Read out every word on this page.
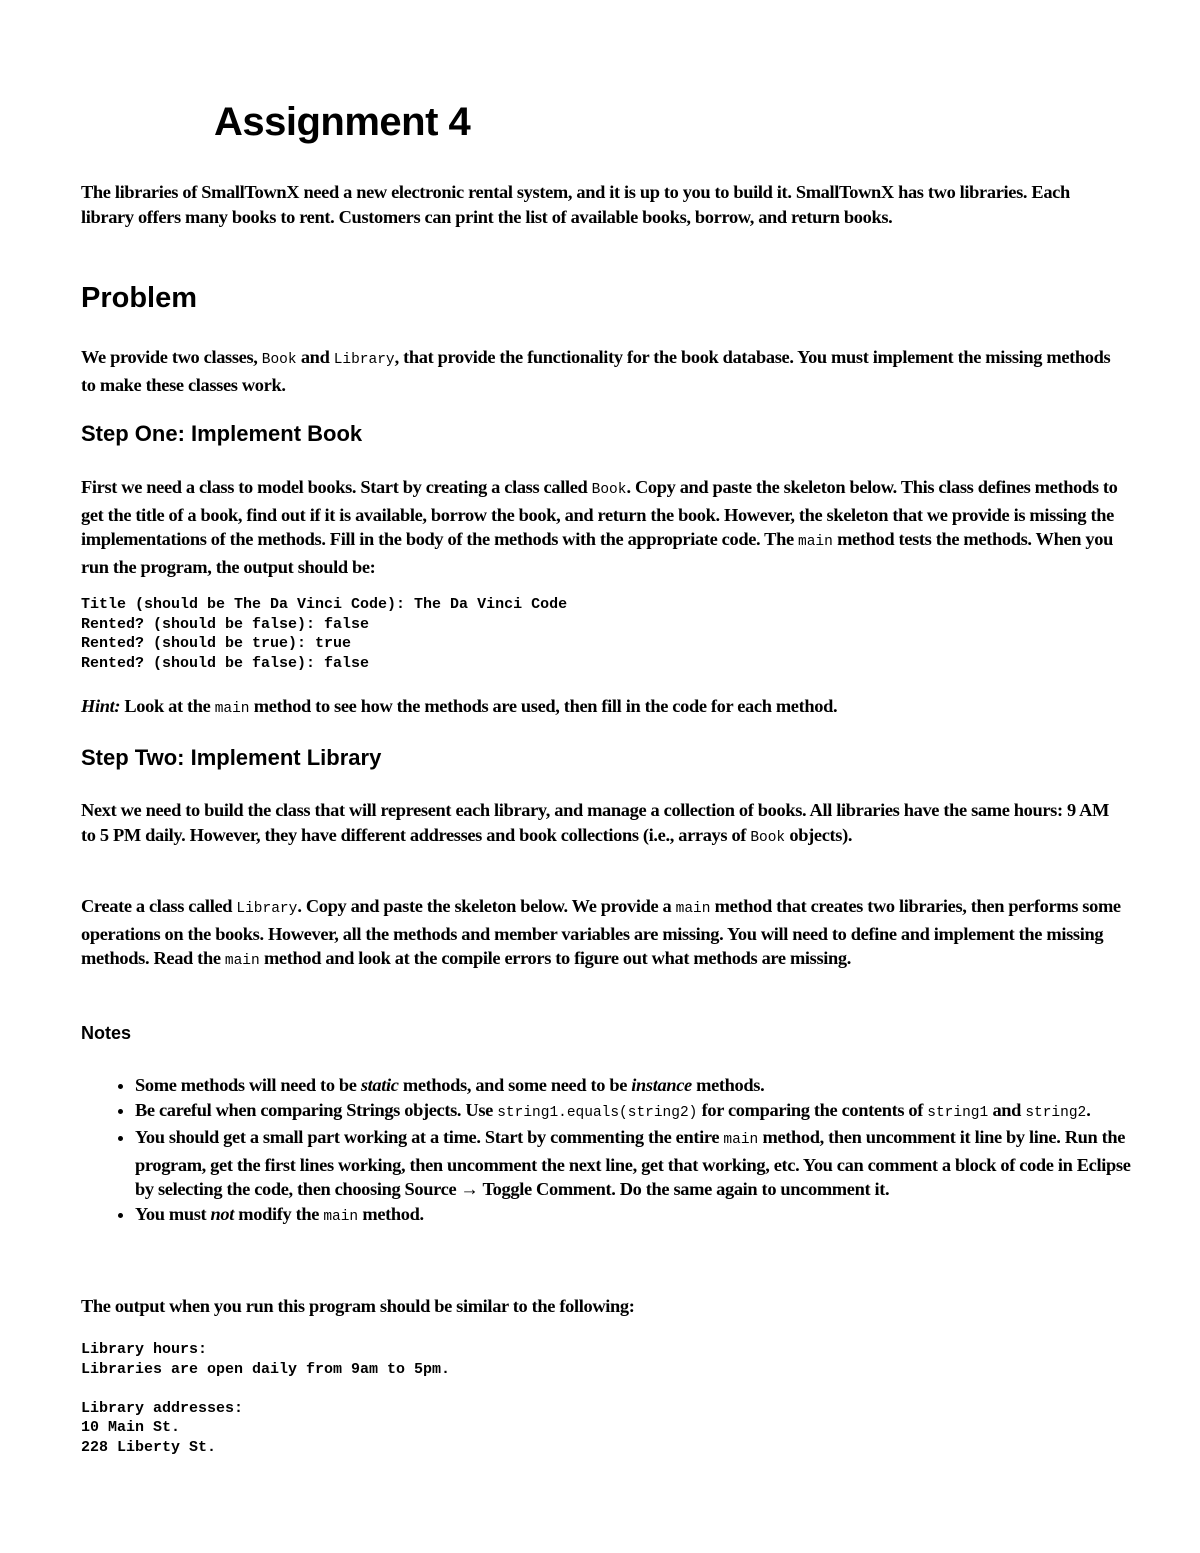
Assignment 4

The libraries of SmallTownX need a new electronic rental system, and it is up to you to build it. SmallTownX has two libraries. Each library offers many books to rent. Customers can print the list of available books, borrow, and return books.

Problem

We provide two classes, Book and Library, that provide the functionality for the book database. You must implement the missing methods to make these classes work.

Step One: Implement Book

First we need a class to model books. Start by creating a class called Book. Copy and paste the skeleton below. This class defines methods to get the title of a book, find out if it is available, borrow the book, and return the book. However, the skeleton that we provide is missing the implementations of the methods. Fill in the body of the methods with the appropriate code. The main method tests the methods. When you run the program, the output should be:

Title (should be The Da Vinci Code): The Da Vinci Code
Rented? (should be false): false
Rented? (should be true): true
Rented? (should be false): false

Hint: Look at the main method to see how the methods are used, then fill in the code for each method.

Step Two: Implement Library

Next we need to build the class that will represent each library, and manage a collection of books. All libraries have the same hours: 9 AM to 5 PM daily. However, they have different addresses and book collections (i.e., arrays of Book objects).

Create a class called Library. Copy and paste the skeleton below. We provide a main method that creates two libraries, then performs some operations on the books. However, all the methods and member variables are missing. You will need to define and implement the missing methods. Read the main method and look at the compile errors to figure out what methods are missing.

Notes
• Some methods will need to be static methods, and some need to be instance methods.
• Be careful when comparing Strings objects. Use string1.equals(string2) for comparing the contents of string1 and string2.
• You should get a small part working at a time. Start by commenting the entire main method, then uncomment it line by line. Run the program, get the first lines working, then uncomment the next line, get that working, etc. You can comment a block of code in Eclipse by selecting the code, then choosing Source → Toggle Comment. Do the same again to uncomment it.
• You must not modify the main method.

The output when you run this program should be similar to the following:

Library hours:
Libraries are open daily from 9am to 5pm.

Library addresses:
10 Main St.
228 Liberty St.
